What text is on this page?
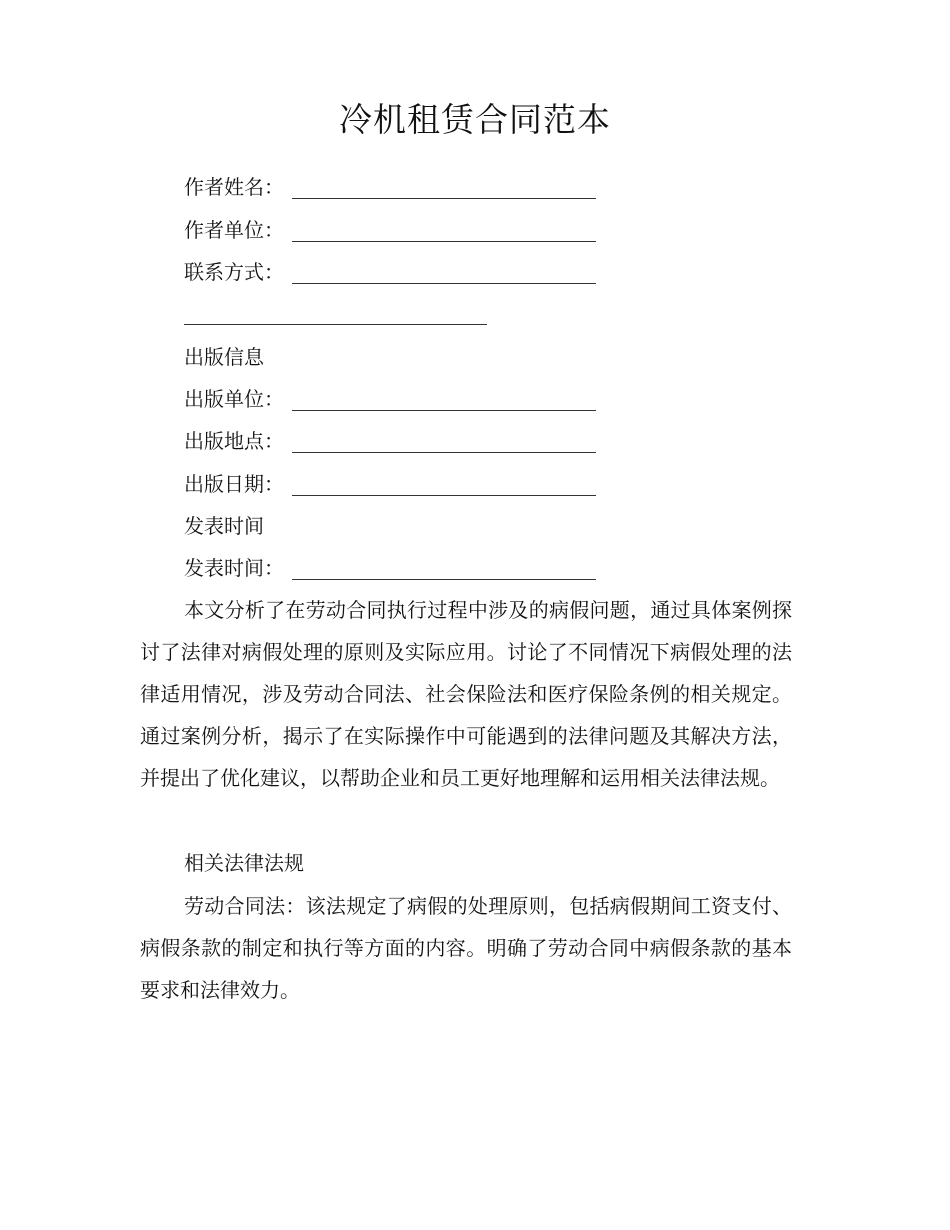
冷机租赁合同范本
作者姓名：
作者单位：
联系方式：
出版信息
出版单位：
出版地点：
出版日期：
发表时间
发表时间：

本文分析了在劳动合同执行过程中涉及的病假问题，通过具体案例探讨了法律对病假处理的原则及实际应用。讨论了不同情况下病假处理的法律适用情况，涉及劳动合同法、社会保险法和医疗保险条例的相关规定。通过案例分析，揭示了在实际操作中可能遇到的法律问题及其解决方法，并提出了优化建议，以帮助企业和员工更好地理解和运用相关法律法规。

相关法律法规

劳动合同法：该法规定了病假的处理原则，包括病假期间工资支付、病假条款的制定和执行等方面的内容。明确了劳动合同中病假条款的基本要求和法律效力。
